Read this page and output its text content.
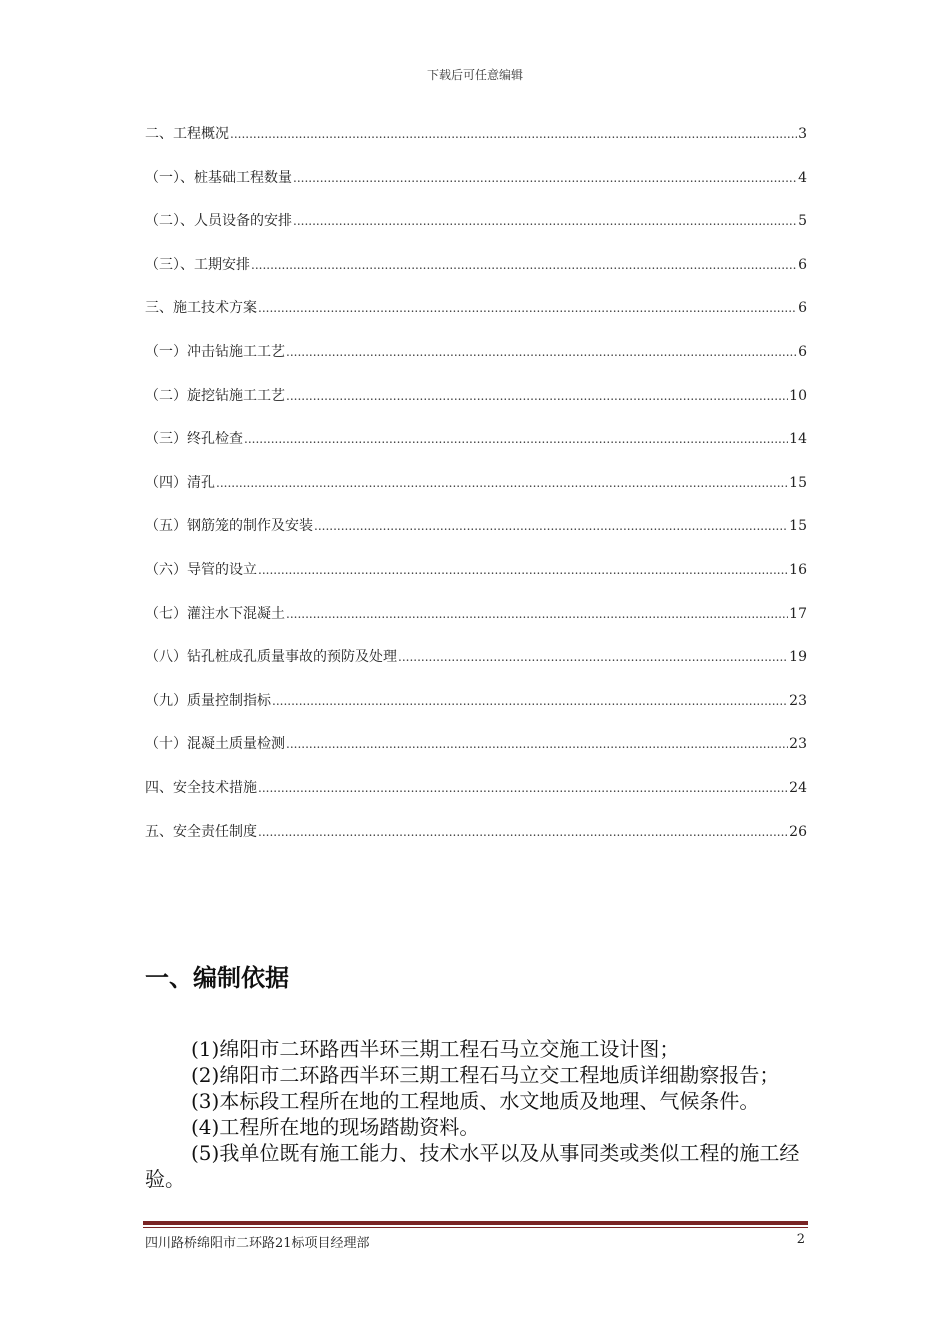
下载后可任意编辑
二、工程概况 .....	3
（一）、桩基础工程数量 .....	4
（二）、人员设备的安排 .....	5
（三）、工期安排 .....	6
三、施工技术方案 .....	6
（一）冲击钻施工工艺 .....	6
（二）旋挖钻施工工艺 .....	10
（三）终孔检查 .....	14
（四）清孔 .....	15
（五）钢筋笼的制作及安装 .....	15
（六）导管的设立 .....	16
（七）灌注水下混凝土 .....	17
（八）钻孔桩成孔质量事故的预防及处理 .....	19
（九）质量控制指标 .....	23
（十）混凝土质量检测 .....	23
四、安全技术措施 .....	24
五、安全责任制度 .....	26
一、编制依据

(1)绵阳市二环路西半环三期工程石马立交施工设计图；

(2)绵阳市二环路西半环三期工程石马立交工程地质详细勘察报告；

(3)本标段工程所在地的工程地质、水文地质及地理、气候条件。

(4)工程所在地的现场踏勘资料。

(5)我单位既有施工能力、技术水平以及从事同类或类似工程的施工经验。

四川路桥绵阳市二环路21标项目经理部	2
